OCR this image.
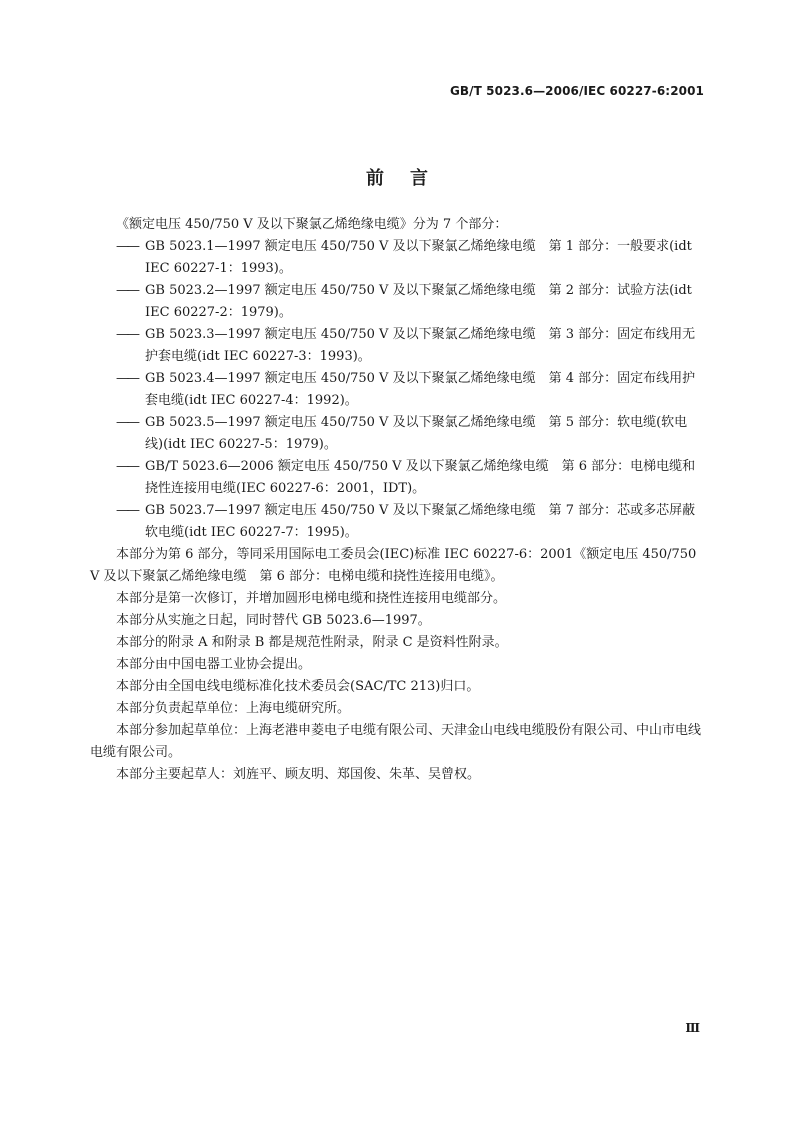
GB/T 5023.6—2006/IEC 60227-6:2001
前言

《额定电压 450/750 V 及以下聚氯乙烯绝缘电缆》分为 7 个部分：

—— GB 5023.1—1997 额定电压 450/750 V 及以下聚氯乙烯绝缘电缆　第 1 部分：一般要求(idt IEC 60227-1：1993)。

—— GB 5023.2—1997 额定电压 450/750 V 及以下聚氯乙烯绝缘电缆　第 2 部分：试验方法(idt IEC 60227-2：1979)。

—— GB 5023.3—1997 额定电压 450/750 V 及以下聚氯乙烯绝缘电缆　第 3 部分：固定布线用无护套电缆(idt IEC 60227-3：1993)。

—— GB 5023.4—1997 额定电压 450/750 V 及以下聚氯乙烯绝缘电缆　第 4 部分：固定布线用护套电缆(idt IEC 60227-4：1992)。

—— GB 5023.5—1997 额定电压 450/750 V 及以下聚氯乙烯绝缘电缆　第 5 部分：软电缆(软电线)(idt IEC 60227-5：1979)。

—— GB/T 5023.6—2006 额定电压 450/750 V 及以下聚氯乙烯绝缘电缆　第 6 部分：电梯电缆和挠性连接用电缆(IEC 60227-6：2001，IDT)。

—— GB 5023.7—1997 额定电压 450/750 V 及以下聚氯乙烯绝缘电缆　第 7 部分：芯或多芯屏蔽软电缆(idt IEC 60227-7：1995)。

本部分为第 6 部分，等同采用国际电工委员会(IEC)标准 IEC 60227-6：2001《额定电压 450/750 V 及以下聚氯乙烯绝缘电缆　第 6 部分：电梯电缆和挠性连接用电缆》。

本部分是第一次修订，并增加圆形电梯电缆和挠性连接用电缆部分。

本部分从实施之日起，同时替代 GB 5023.6—1997。

本部分的附录 A 和附录 B 都是规范性附录，附录 C 是资料性附录。

本部分由中国电器工业协会提出。

本部分由全国电线电缆标准化技术委员会(SAC/TC 213)归口。

本部分负责起草单位：上海电缆研究所。

本部分参加起草单位：上海老港申菱电子电缆有限公司、天津金山电线电缆股份有限公司、中山市电线电缆有限公司。

本部分主要起草人：刘旌平、顾友明、郑国俊、朱革、吴曾权。

Ⅲ
